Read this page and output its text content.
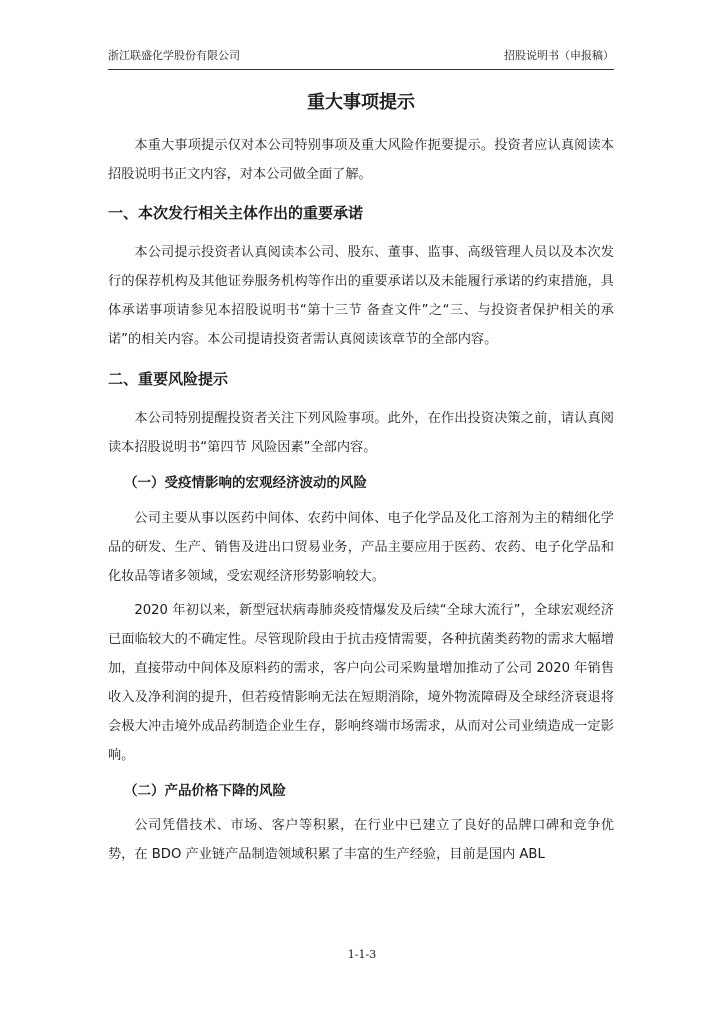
浙江联盛化学股份有限公司	招股说明书（申报稿）
重大事项提示

本重大事项提示仅对本公司特别事项及重大风险作扼要提示。投资者应认真阅读本招股说明书正文内容，对本公司做全面了解。

一、本次发行相关主体作出的重要承诺

本公司提示投资者认真阅读本公司、股东、董事、监事、高级管理人员以及本次发行的保荐机构及其他证券服务机构等作出的重要承诺以及未能履行承诺的约束措施，具体承诺事项请参见本招股说明书“第十三节 备查文件”之“三、与投资者保护相关的承诺”的相关内容。本公司提请投资者需认真阅读该章节的全部内容。

二、重要风险提示

本公司特别提醒投资者关注下列风险事项。此外，在作出投资决策之前，请认真阅读本招股说明书“第四节 风险因素”全部内容。

（一）受疫情影响的宏观经济波动的风险

公司主要从事以医药中间体、农药中间体、电子化学品及化工溶剂为主的精细化学品的研发、生产、销售及进出口贸易业务，产品主要应用于医药、农药、电子化学品和化妆品等诸多领域，受宏观经济形势影响较大。

2020 年初以来，新型冠状病毒肺炎疫情爆发及后续“全球大流行”，全球宏观经济已面临较大的不确定性。尽管现阶段由于抗击疫情需要，各种抗菌类药物的需求大幅增加，直接带动中间体及原料药的需求，客户向公司采购量增加推动了公司 2020 年销售收入及净利润的提升，但若疫情影响无法在短期消除，境外物流障碍及全球经济衰退将会极大冲击境外成品药制造企业生存，影响终端市场需求，从而对公司业绩造成一定影响。

（二）产品价格下降的风险

公司凭借技术、市场、客户等积累，在行业中已建立了良好的品牌口碑和竞争优势，在 BDO 产业链产品制造领域积累了丰富的生产经验，目前是国内 ABL

1-1-3
